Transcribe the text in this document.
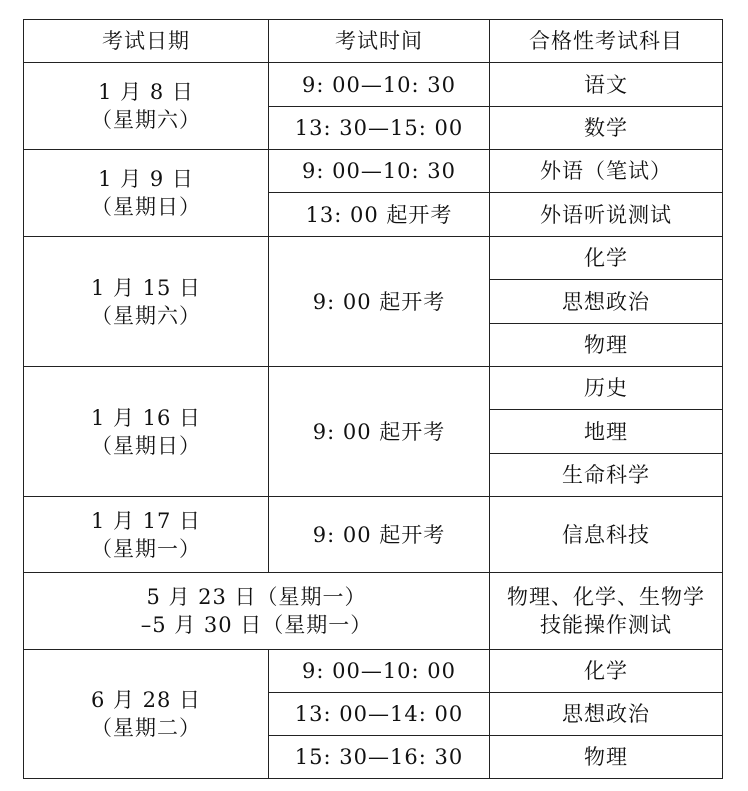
考试日期	考试时间	合格性考试科目

1 月 8 日
（星期六）	9: 00—10: 30	语文
	13: 30—15: 00	数学

1 月 9 日
（星期日）	9: 00—10: 30	外语（笔试）
	13: 00 起开考	外语听说测试

1 月 15 日
（星期六）	9: 00 起开考	化学
		思想政治
		物理

1 月 16 日
（星期日）	9: 00 起开考	历史
		地理
		生命科学

1 月 17 日
（星期一）	9: 00 起开考	信息科技

5 月 23 日（星期一）
–5 月 30 日（星期一）		物理、化学、生物学
技能操作测试

6 月 28 日
（星期二）	9: 00—10: 00	化学
	13: 00—14: 00	思想政治
	15: 30—16: 30	物理
